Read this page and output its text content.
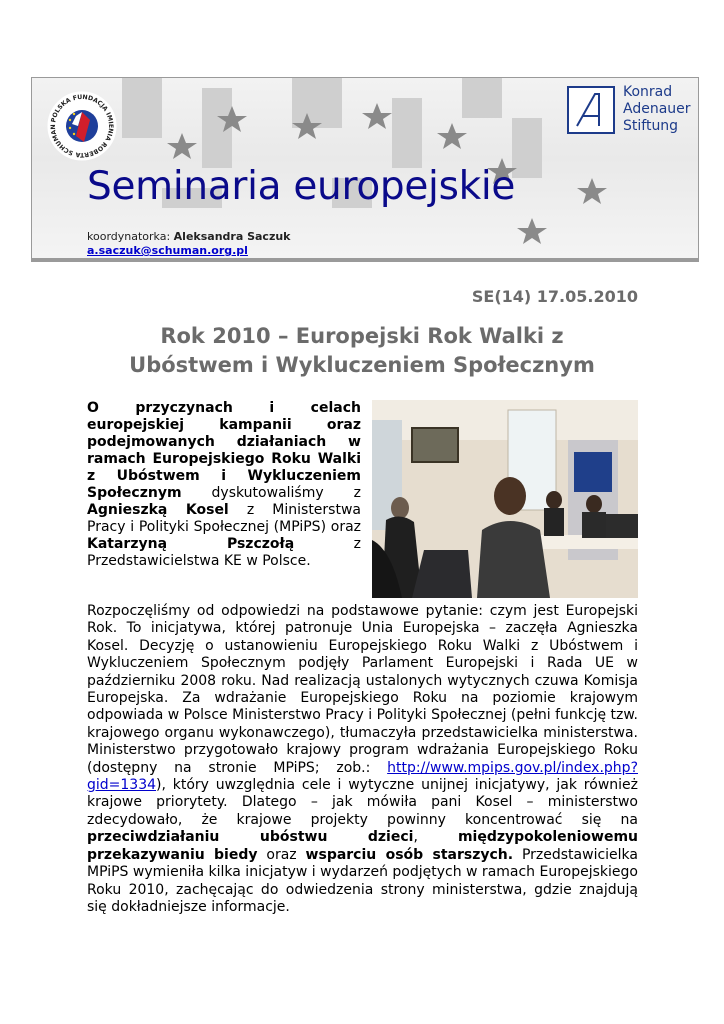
POLSKA FUNDACJA IMIENIA ROBERTA SCHUMAN
Konrad
Adenauer
Stiftung
Seminaria europejskie
koordynatorka: Aleksandra Saczuk
a.saczuk@schuman.org.pl
SE(14) 17.05.2010
Rok 2010 – Europejski Rok Walki z
Ubóstwem i Wykluczeniem Społecznym
O przyczynach i celach europejskiej kampanii oraz podejmowanych działaniach w ramach Europejskiego Roku Walki z Ubóstwem i Wykluczeniem Społecznym dyskutowaliśmy z Agnieszką Kosel z Ministerstwa Pracy i Polityki Społecznej (MPiPS) oraz Katarzyną Pszczołą z Przedstawicielstwa KE w Polsce.
Rozpoczęliśmy od odpowiedzi na podstawowe pytanie: czym jest Europejski Rok. To inicjatywa, której patronuje Unia Europejska – zaczęła Agnieszka Kosel. Decyzję o ustanowieniu Europejskiego Roku Walki z Ubóstwem i Wykluczeniem Społecznym podjęły Parlament Europejski i Rada UE w październiku 2008 roku. Nad realizacją ustalonych wytycznych czuwa Komisja Europejska. Za wdrażanie Europejskiego Roku na poziomie krajowym odpowiada w Polsce Ministerstwo Pracy i Polityki Społecznej (pełni funkcję tzw. krajowego organu wykonawczego), tłumaczyła przedstawicielka ministerstwa. Ministerstwo przygotowało krajowy program wdrażania Europejskiego Roku (dostępny na stronie MPiPS; zob.: http://www.mpips.gov.pl/index.php?gid=1334), który uwzględnia cele i wytyczne unijnej inicjatywy, jak również krajowe priorytety. Dlatego – jak mówiła pani Kosel – ministerstwo zdecydowało, że krajowe projekty powinny koncentrować się na przeciwdziałaniu ubóstwu dzieci, międzypokoleniowemu przekazywaniu biedy oraz wsparciu osób starszych. Przedstawicielka MPiPS wymieniła kilka inicjatyw i wydarzeń podjętych w ramach Europejskiego Roku 2010, zachęcając do odwiedzenia strony ministerstwa, gdzie znajdują się dokładniejsze informacje.
